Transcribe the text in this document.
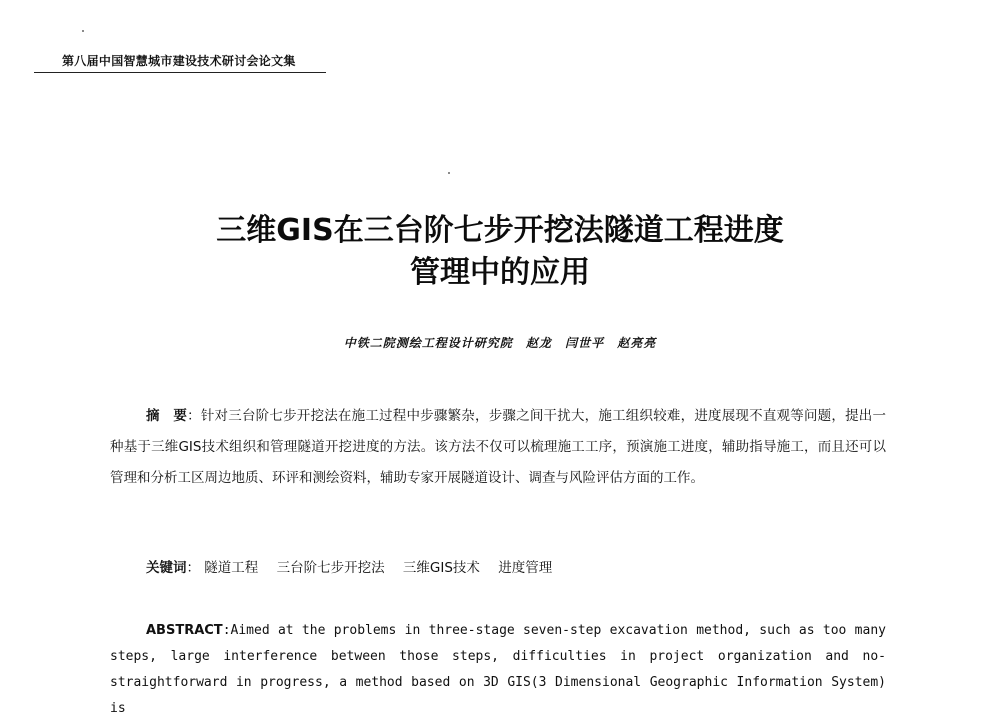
第八届中国智慧城市建设技术研讨会论文集
三维GIS在三台阶七步开挖法隧道工程进度
管理中的应用
中铁二院测绘工程设计研究院 赵龙 闫世平 赵亮亮
摘　要：针对三台阶七步开挖法在施工过程中步骤繁杂，步骤之间干扰大，施工组织较难，进度展现不直观等问题，提出一种基于三维GIS技术组织和管理隧道开挖进度的方法。该方法不仅可以梳理施工工序，预演施工进度，辅助指导施工，而且还可以管理和分析工区周边地质、环评和测绘资料，辅助专家开展隧道设计、调查与风险评估方面的工作。
关键词： 隧道工程 三台阶七步开挖法 三维GIS技术 进度管理
ABSTRACT:Aimed at the problems in three-stage seven-step excavation method, such as too many steps, large interference between those steps, difficulties in project organization and no-straightforward in progress, a method based on 3D GIS(3 Dimensional Geographic Information System) is
